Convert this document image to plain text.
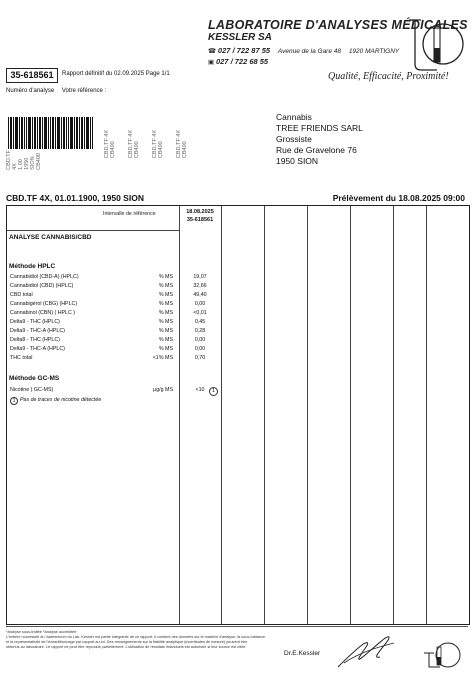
LABORATOIRE D'ANALYSES MÉDICALES
KESSLER SA
☎ 027 / 722 87 55 Avenue de la Gare 48 1920 MARTIGNY
▣ 027 / 722 68 55
Qualité, Efficacité, Proximité!
35-618561	Rapport définitif du 02.09.2025 Page 1/1
Numéro d'analyse Votre référence :
CBD.TF
4X
1.00
1950
SION
CB400
CBD.TF 4X
CB400 CBD.TF 4X
CB400 CBD.TF 4X
CB400 CBD.TF 4X
CB400
Cannabis
TREE FRIENDS SARL
Grossiste
Rue de Gravelone 76
1950 SION
CBD.TF 4X, 01.01.1900, 1950 SION	Prélèvement du 18.08.2025 09:00
Intervalle de référence	18.08.2025
35-618561
ANALYSE CANNABIS/CBD
Méthode HPLC
Cannabidiol (CBD-A) (HPLC)	% MS	19,07
Cannabidiol (CBD) (HPLC)	% MS	32,66
CBD total	% MS	49,40
Cannabigérol (CBG) (HPLC)	% MS	0,00
Cannabinol (CBN) ( HPLC )	% MS	<0,01
Delta9 - THC (HPLC)	% MS	0,45
Delta9 - THC-A (HPLC)	% MS	0,28
Delta8 - THC (HPLC)	% MS	0,00
Delta9 - THC-A (HPLC)	% MS	0,00
THC total	<1% MS	0,70
Méthode GC-MS
Nicotine ( GC-MS)	µg/g MS	<10	1
1 Pas de traces de nicotine détectée
*Analyse sous-traitée *Analyse accréditée
L'entière nouveauté du Vademecum du Lab. Kessler est partie intégrante de ce rapport. Il contient des données sur le matériel d'analyse, la sous-traitance
et la représentativité de l'échantillonnage par rapport au lot. Des renseignements sur la fiabilité analytique (incertitudes de mesure) peuvent être
obtenus au laboratoire. Le rapport ne peut être reproduit partiellement. L'utilisation de résultats individuels est autorisée si leur source est citée.
Dr.E.Kessler
